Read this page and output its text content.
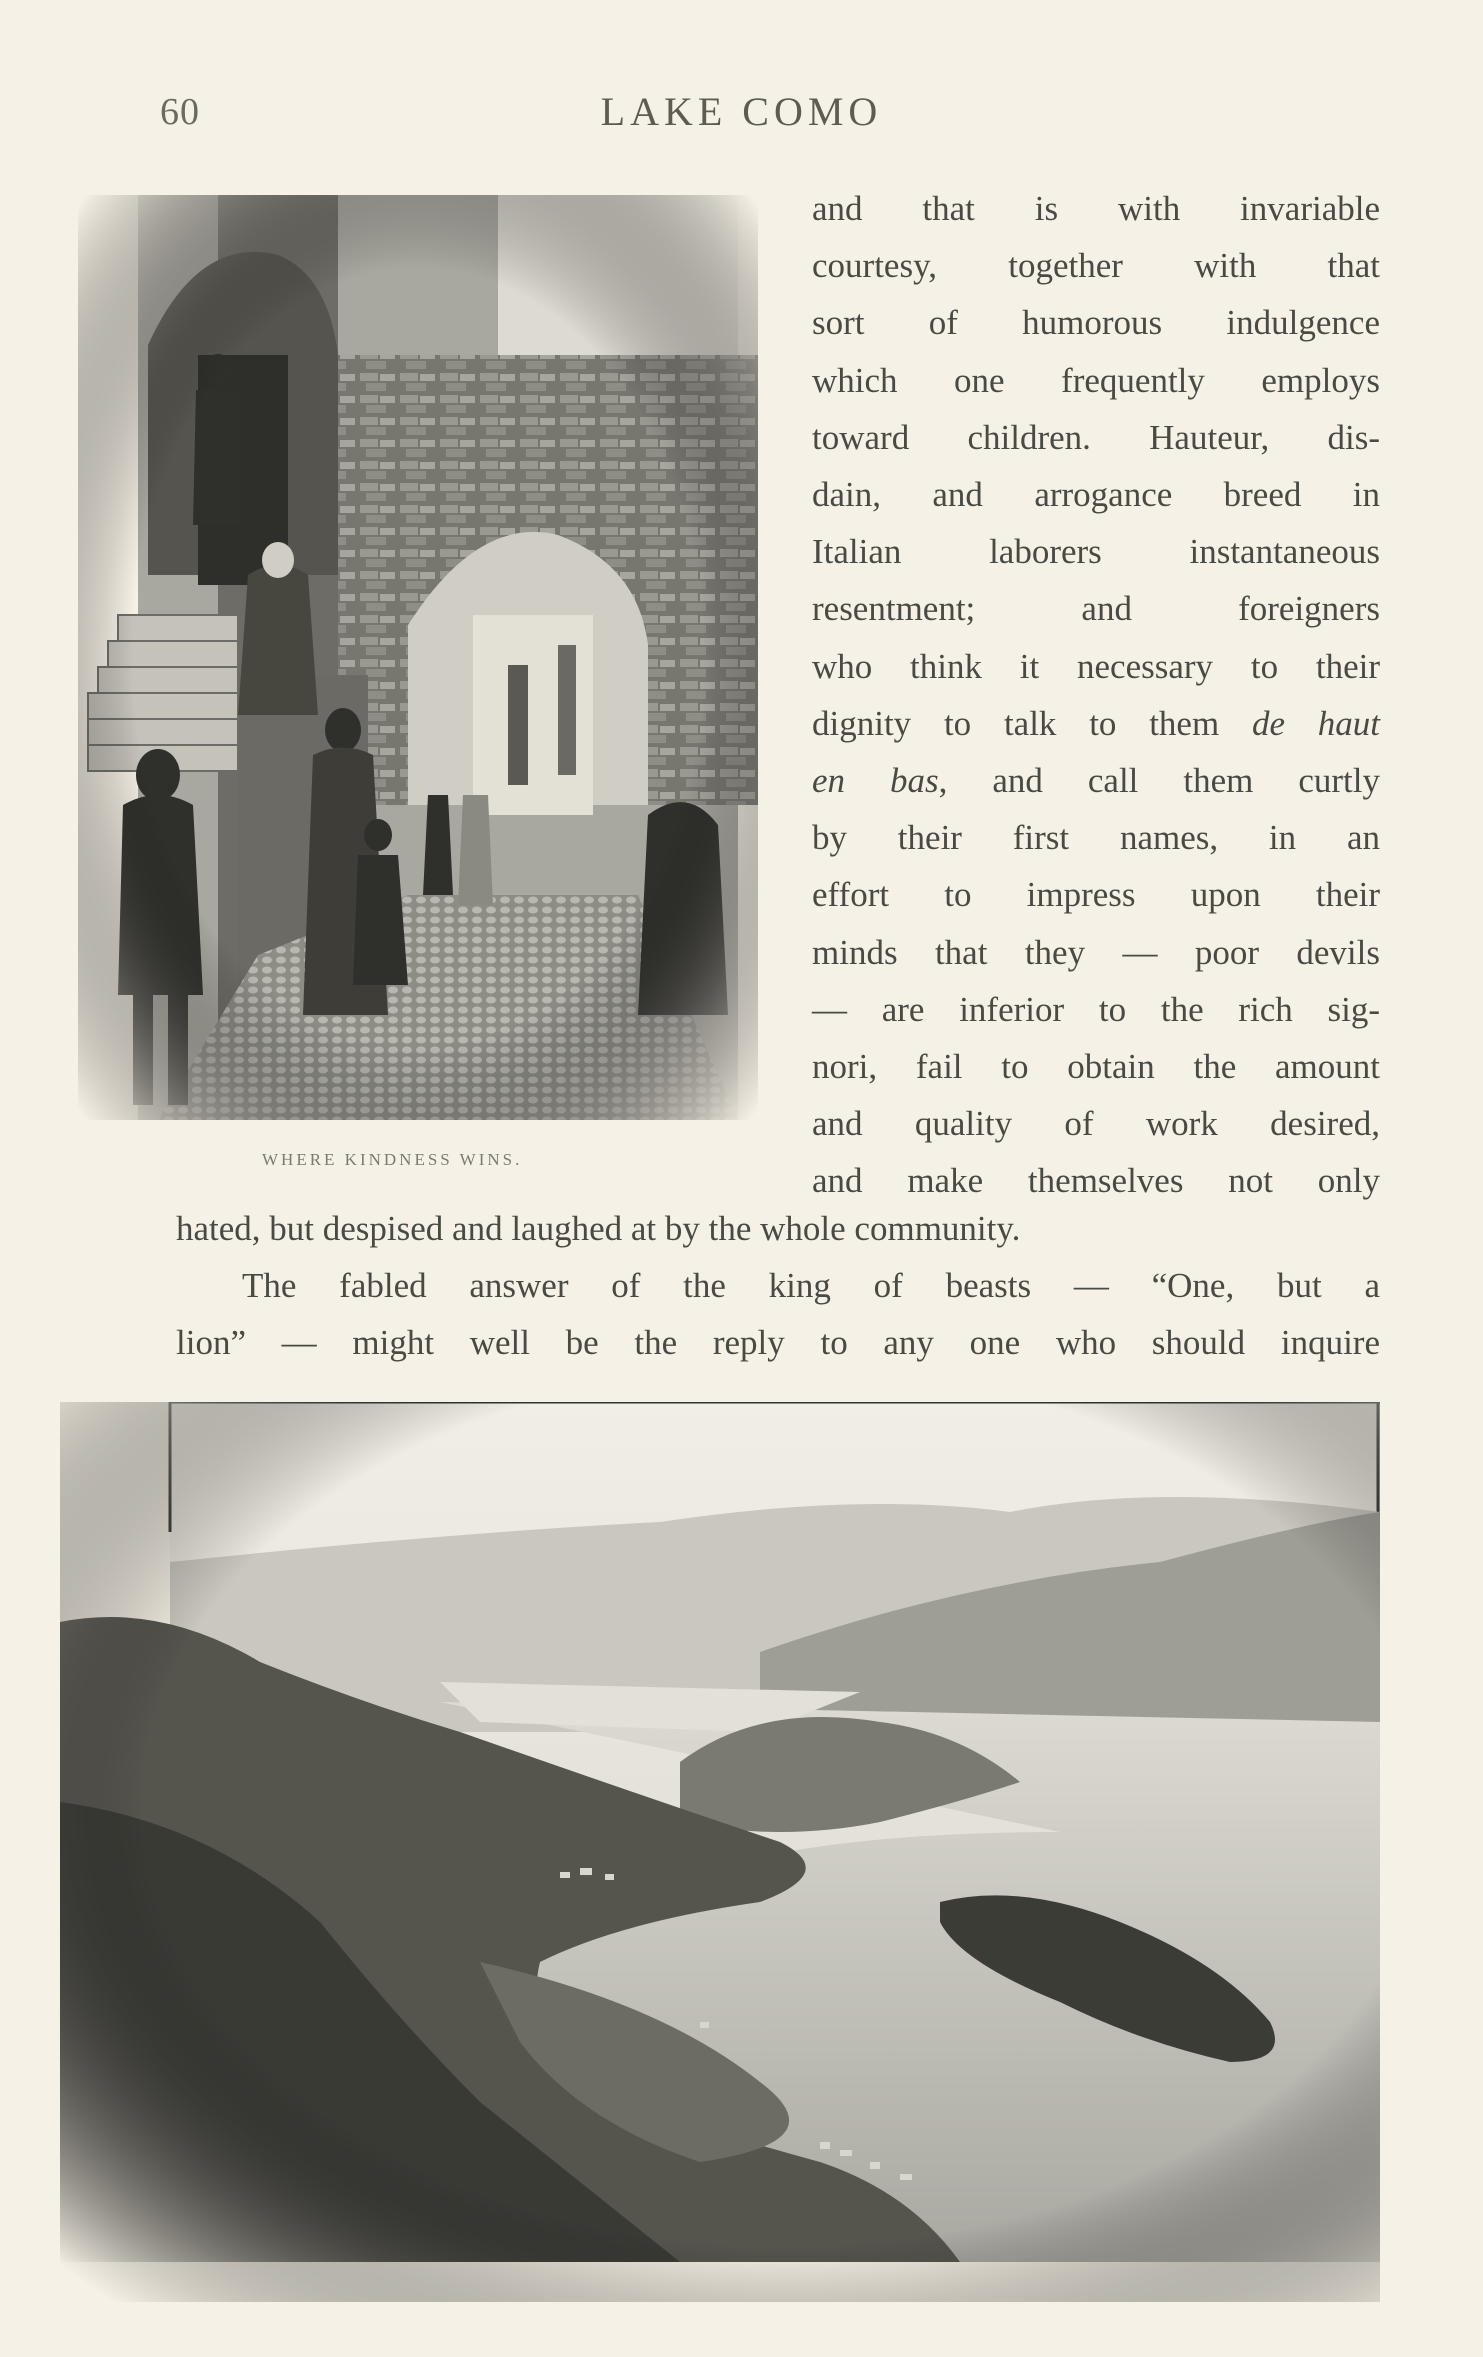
60	LAKE COMO
WHERE KINDNESS WINS.
and that is with invariable
courtesy, together with that
sort of humorous indulgence
which one frequently employs
toward children. Hauteur, dis-
dain, and arrogance breed in
Italian laborers instantaneous
resentment; and foreigners
who think it necessary to their
dignity to talk to them de haut
en bas, and call them curtly
by their first names, in an
effort to impress upon their
minds that they — poor devils
— are inferior to the rich sig-
nori, fail to obtain the amount
and quality of work desired,
and make themselves not only
hated, but despised and laughed at by the whole community.
The fabled answer of the king of beasts — “One, but a
lion” — might well be the reply to any one who should inquire
